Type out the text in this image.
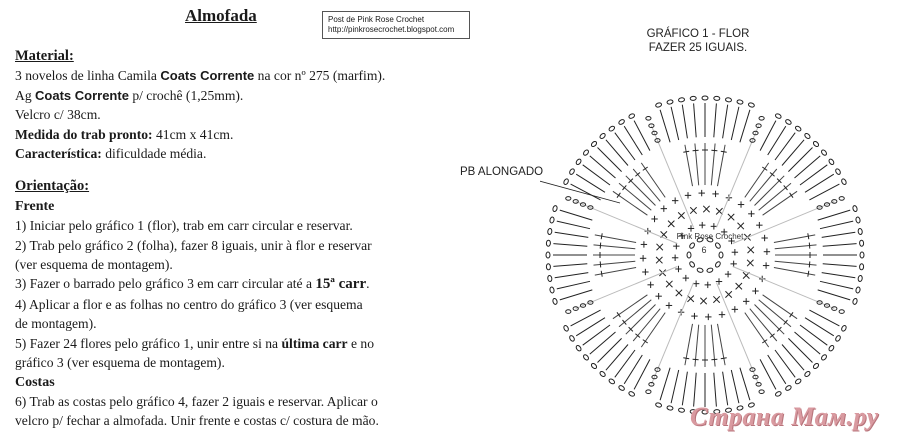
Almofada	Post de Pink Rose Crochet
http://pinkrosecrochet.blogspot.com

Material:

3 novelos de linha Camila Coats Corrente na cor nº 275 (marfim).

Ag Coats Corrente p/ crochê (1,25mm).

Velcro c/ 38cm.

Medida do trab pronto: 41cm x 41cm.

Característica: dificuldade média.

Orientação:

Frente

1) Iniciar pelo gráfico 1 (flor), trab em carr circular e reservar.

2) Trab pelo gráfico 2 (folha), fazer 8 iguais, unir à flor e reservar

(ver esquema de montagem).

3) Fazer o barrado pelo gráfico 3 em carr circular até a 15ª carr.

4) Aplicar a flor e as folhas no centro do gráfico 3 (ver esquema

de montagem).

5) Fazer 24 flores pelo gráfico 1, unir entre si na última carr e no

gráfico 3 (ver esquema de montagem).

Costas

6) Trab as costas pelo gráfico 4, fazer 2 iguais e reservar. Aplicar o

velcro p/ fechar a almofada. Unir frente e costas c/ costura de mão.

GRÁFICO 1 - FLOR
FAZER 25 IGUAIS.
PB ALONGADO
Pink Rose Crochet
6
Страна Мам.ру
